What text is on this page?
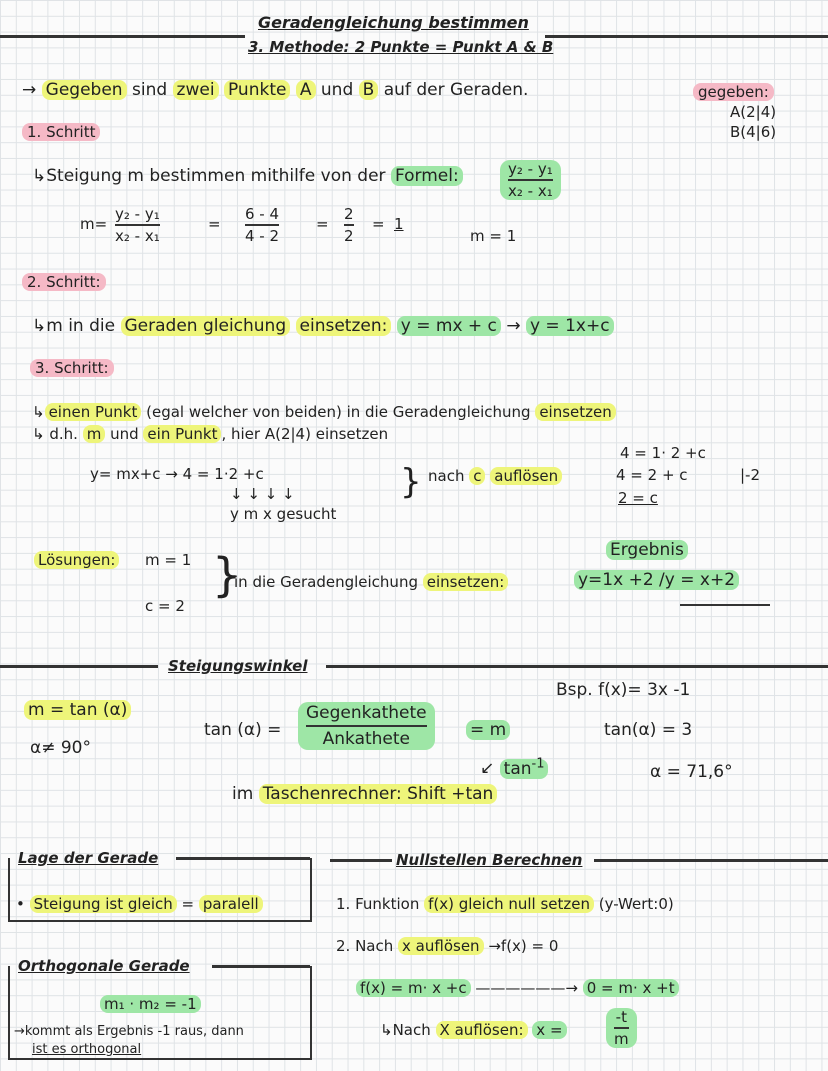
Geradengleichung bestimmen
3. Methode: 2 Punkte = Punkt A & B
→ Gegeben sind zwei Punkte A und B auf der Geraden.	gegeben:
A(2|4)
B(4|6)
1. Schritt
↳Steigung m bestimmen mithilfe von der Formel:	y₂ - y₁
x₂ - x₁
m=
y₂ - y₁
x₂ - x₁
=
6 - 4
4 - 2
=
2
2
= 1
m = 1
2. Schritt:
↳m in die Geraden gleichung einsetzen: y = mx + c → y = 1x+c
3. Schritt:
↳ einen Punkt (egal welcher von beiden) in die Geradengleichung einsetzen
↳ d.h. m und ein Punkt , hier A(2|4) einsetzen
y= mx+c → 4 = 1·2 +c
↓ ↓ ↓ ↓
y m x gesucht
} nach c auflösen
4 = 1· 2 +c
4 = 2 + c	|-2
2 = c
Lösungen: m = 1
c = 2
}
in die Geradengleichung einsetzen:
Ergebnis
y=1x +2 /y = x+2
Steigungswinkel
m = tan (α)
α≠ 90°
tan (α) =
Gegenkathete
Ankathete	= m
↙ $\tan^{-1}$
im Taschenrechner: Shift +tan
Bsp. f(x)= 3x -1
tan(α) = 3
α = 71,6°
Lage der Gerade
• Steigung ist gleich = paralell
Orthogonale Gerade
m₁ · m₂ = -1
→kommt als Ergebnis -1 raus, dann
ist es orthogonal
Nullstellen Berechnen
1. Funktion f(x) gleich null setzen (y-Wert:0)
2. Nach x auflösen →f(x) = 0
f(x) = m· x +c ——————→ 0 = m· x +t
↳Nach X auflösen: x =
-t
m
